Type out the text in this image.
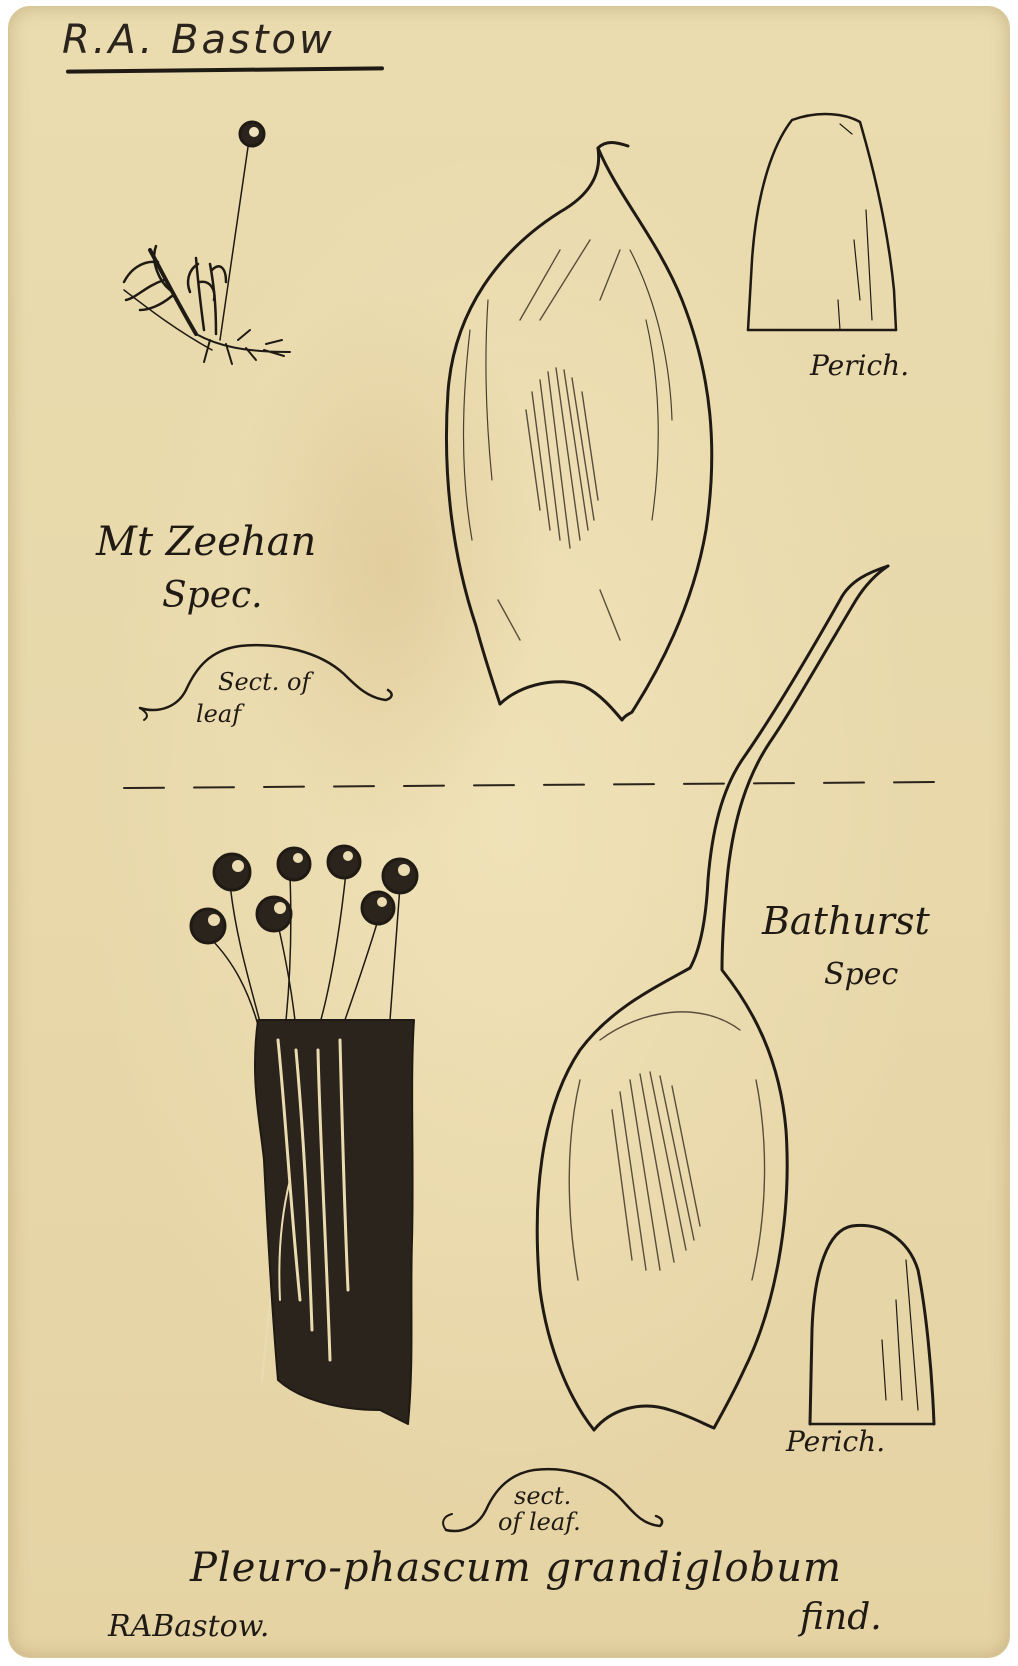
R.A. Bastow
Mt Zeehan
Spec.
Sect. of
leaf
Perich.
Bathurst
Spec
Perich.
sect.
of leaf.
Pleuro-phascum grandiglobum
find.
RABastow.
